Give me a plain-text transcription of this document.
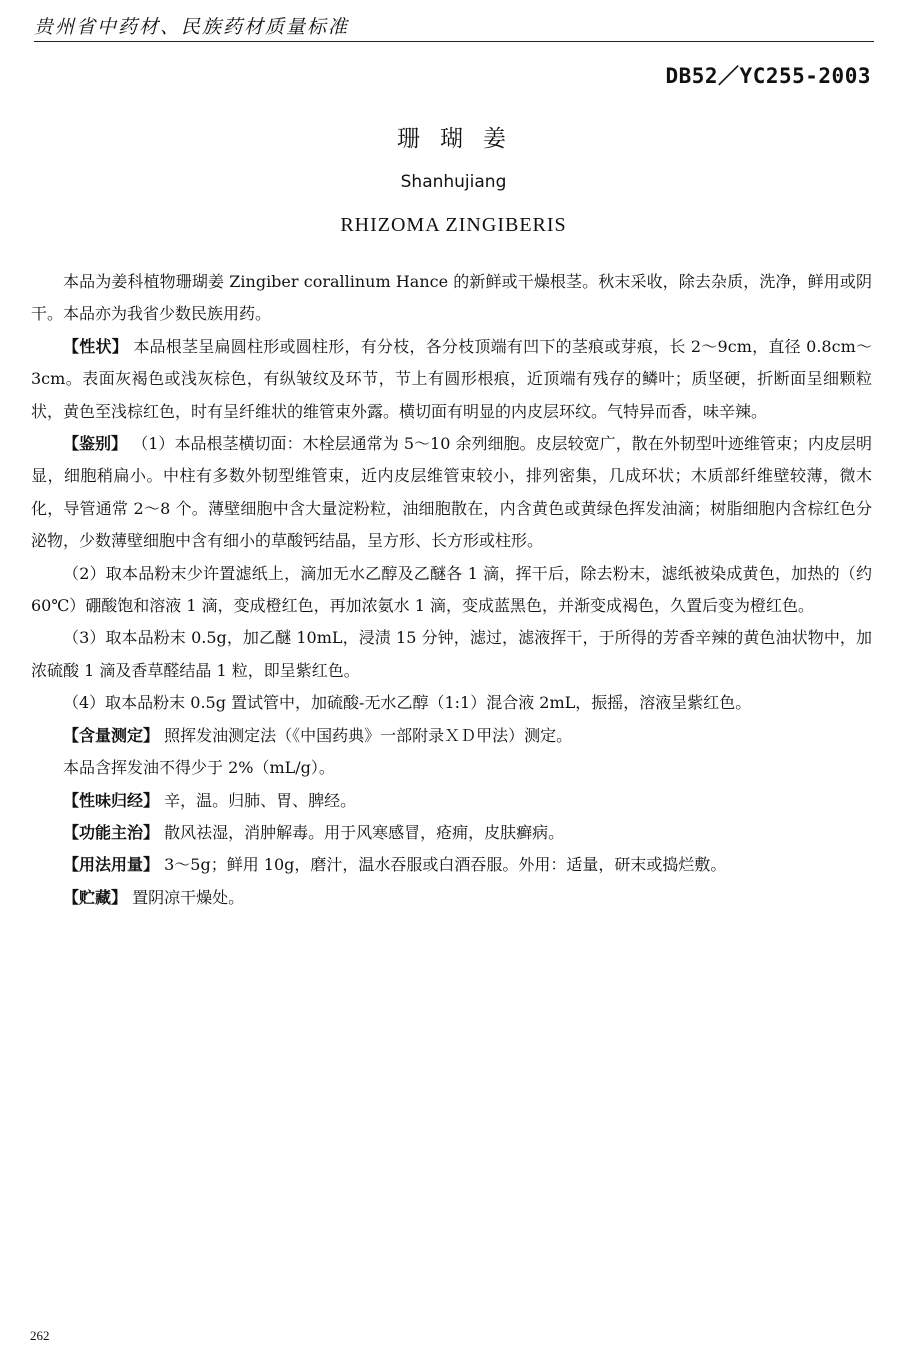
贵州省中药材、民族药材质量标准
DB52／YC255-2003
珊瑚姜
Shanhujiang
RHIZOMA ZINGIBERIS

本品为姜科植物珊瑚姜 Zingiber corallinum Hance 的新鲜或干燥根茎。秋末采收，除去杂质，洗净，鲜用或阴干。本品亦为我省少数民族用药。

【性状】 本品根茎呈扁圆柱形或圆柱形，有分枝，各分枝顶端有凹下的茎痕或芽痕，长 2～9cm，直径 0.8cm～3cm。表面灰褐色或浅灰棕色，有纵皱纹及环节，节上有圆形根痕，近顶端有残存的鳞叶；质坚硬，折断面呈细颗粒状，黄色至浅棕红色，时有呈纤维状的维管束外露。横切面有明显的内皮层环纹。气特异而香，味辛辣。

【鉴别】 （1）本品根茎横切面：木栓层通常为 5～10 余列细胞。皮层较宽广，散在外韧型叶迹维管束；内皮层明显，细胞稍扁小。中柱有多数外韧型维管束，近内皮层维管束较小，排列密集，几成环状；木质部纤维壁较薄，微木化，导管通常 2～8 个。薄壁细胞中含大量淀粉粒，油细胞散在，内含黄色或黄绿色挥发油滴；树脂细胞内含棕红色分泌物，少数薄壁细胞中含有细小的草酸钙结晶，呈方形、长方形或柱形。

（2）取本品粉末少许置滤纸上，滴加无水乙醇及乙醚各 1 滴，挥干后，除去粉末，滤纸被染成黄色，加热的（约 60℃）硼酸饱和溶液 1 滴，变成橙红色，再加浓氨水 1 滴，变成蓝黑色，并渐变成褐色，久置后变为橙红色。

（3）取本品粉末 0.5g，加乙醚 10mL，浸渍 15 分钟，滤过，滤液挥干，于所得的芳香辛辣的黄色油状物中，加浓硫酸 1 滴及香草醛结晶 1 粒，即呈紫红色。

（4）取本品粉末 0.5g 置试管中，加硫酸-无水乙醇（1:1）混合液 2mL，振摇，溶液呈紫红色。

【含量测定】 照挥发油测定法（《中国药典》一部附录ＸＤ甲法）测定。

本品含挥发油不得少于 2%（mL/g）。

【性味归经】 辛，温。归肺、胃、脾经。

【功能主治】 散风祛湿，消肿解毒。用于风寒感冒，疮痈，皮肤癣病。

【用法用量】 3～5g；鲜用 10g，磨汁，温水吞服或白酒吞服。外用：适量，研末或捣烂敷。

【贮藏】 置阴凉干燥处。

262
